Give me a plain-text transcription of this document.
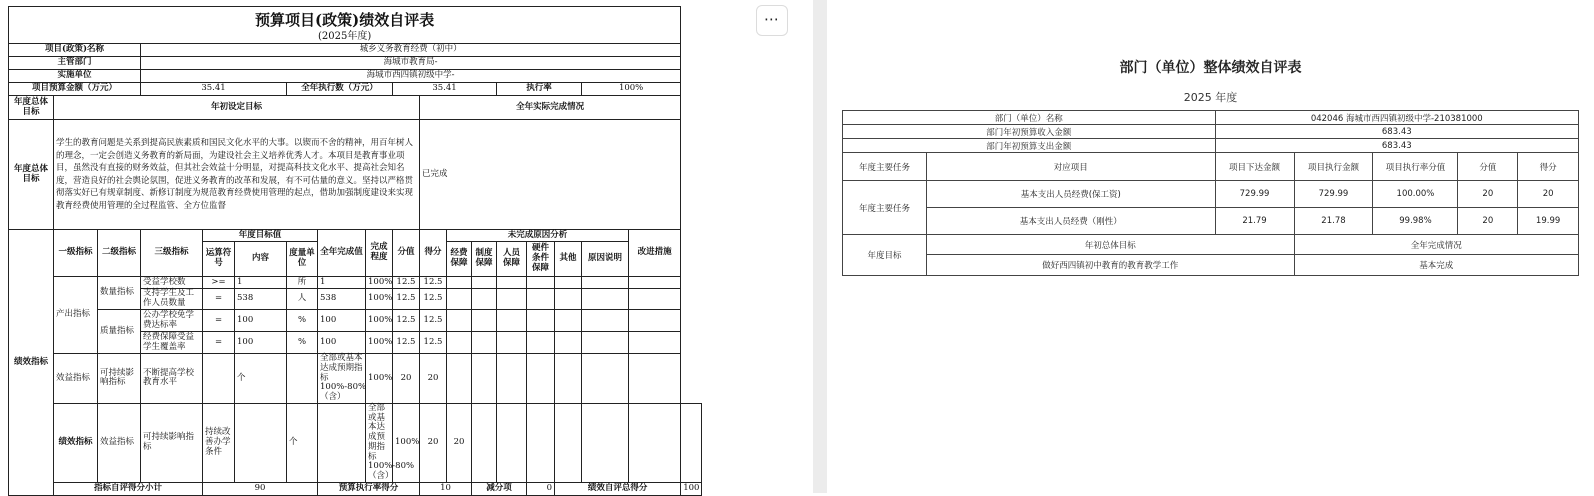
预算项目(政策)绩效自评表
(2025年度)																		

项目(政策)名称			城乡义务教育经费（初中）															
主管部门			海城市教育局-															
实施单位			海城市西四镇初级中学-															
项目预算金额（万元）			35.41			全年执行数（万元）			35.41				执行率			100%		
年度总体目标	年初设定目标									全年实际完成情况								
年度总体目标	学生的教育问题是关系到提高民族素质和国民文化水平的大事。以锲而不舍的精神，用百年树人的理念，一定会创造义务教育的新局面，为建设社会主义培养优秀人才。本项目是教育事业项目，虽然没有直接的财务效益，但其社会效益十分明显，对提高科技文化水平、提高社会知名度，营造良好的社会舆论氛围，促进义务教育的改革和发展，有不可估量的意义。坚持以严格贯彻落实好已有规章制度、新修订制度为规范教育经费使用管理的起点，借助加强制度建设来实现教育经费使用管理的全过程监管、全方位监督									已完成								
绩效指标	一级指标	二级指标	三级指标	年度目标值			全年完成值	完成程度	分值	得分	未完成原因分析						改进措施	
				运算符号	内容	度量单位					经费保障	制度保障	人员保障	硬件条件保障	其他	原因说明		

	产出指标	数量指标	受益学校数	>=	1	所	1	100%	12.5	12.5								
			支持学生及工作人员数量	=	538	人	538	100%	12.5	12.5								
		质量指标	公办学校免学费达标率	=	100	%	100	100%	12.5	12.5								
			经费保障受益学生覆盖率	=	100	%	100	100%	12.5	12.5								
	效益指标	可持续影响指标	不断提高学校教育水平		个		全部或基本达成预期指标100%-80%（含）	100%	20	20								
	绩效指标	效益指标	可持续影响指标	持续改善办学条件		个		全部或基本达成预期指标100%-80%（含）	100%	20	20							
	指标自评得分小计			90			预算执行率得分			10		减分项		0	绩效自评总得分			100
⋯
部门（单位）整体绩效自评表
2025 年度
部门（单位）名称		042046 海城市西四镇初级中学-210381000				
部门年初预算收入金额		683.43				
部门年初预算支出金额		683.43				
年度主要任务	对应项目	项目下达金额	项目执行金额	项目执行率分值	分值	得分
年度主要任务	基本支出人员经费(保工资)	729.99	729.99	100.00%	20	20
	基本支出人员经费（刚性）	21.79	21.78	99.98%	20	19.99
年度目标	年初总体目标		全年完成情况			
	做好西四镇初中教育的教育教学工作		基本完成			
